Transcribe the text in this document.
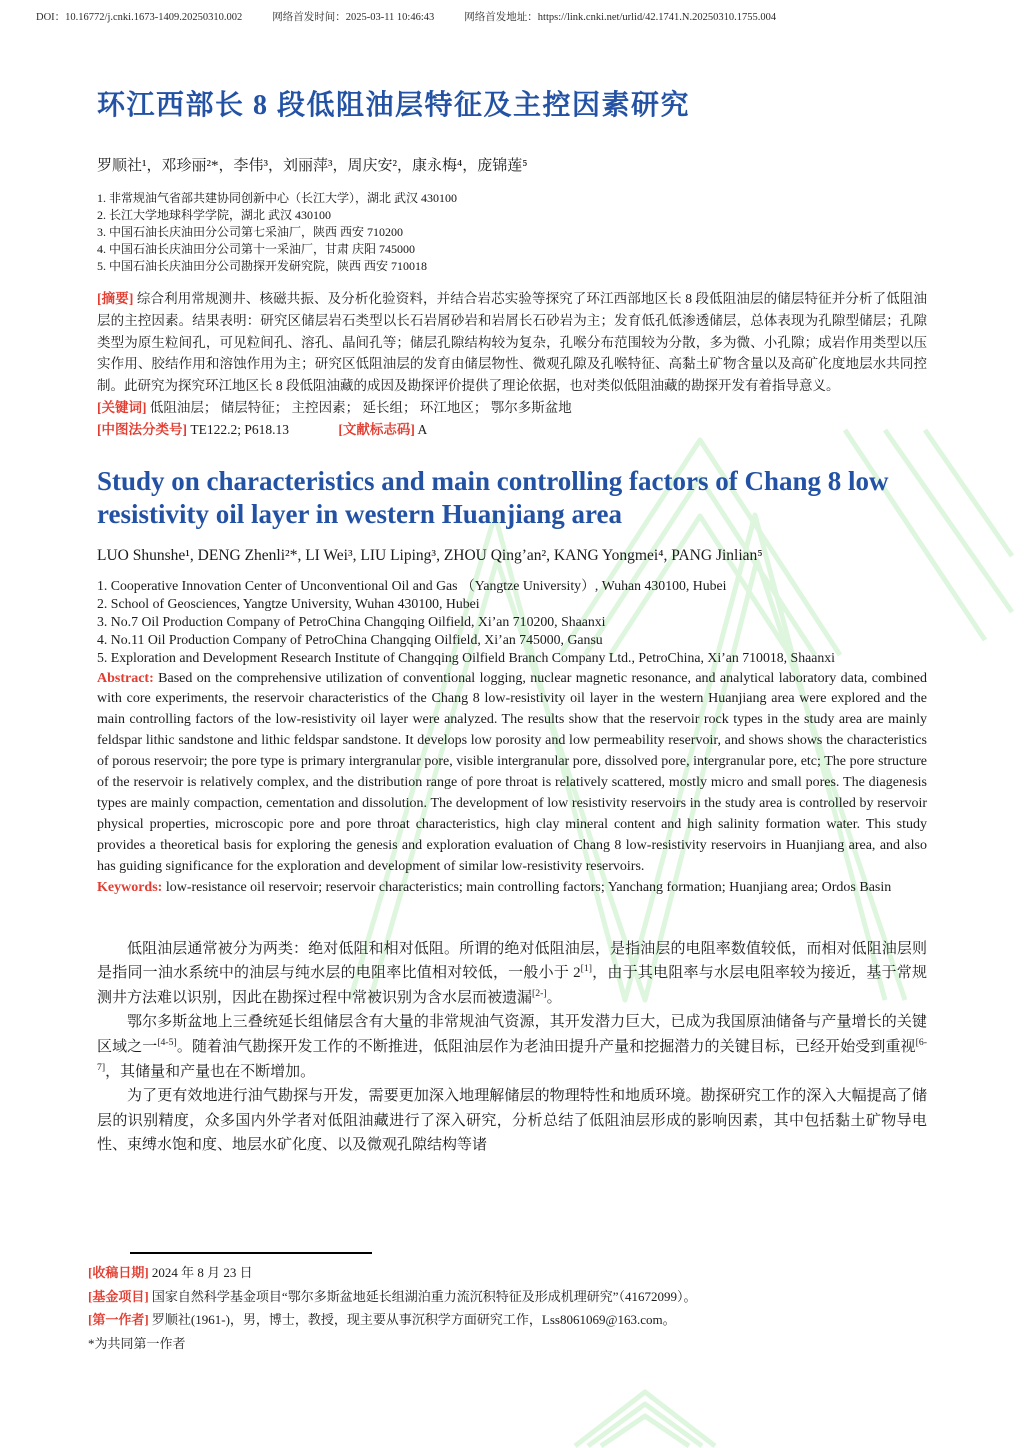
DOI：10.16772/j.cnki.1673-1409.20250310.002	网络首发时间：2025-03-11 10:46:43	网络首发地址：https://link.cnki.net/urlid/42.1741.N.20250310.1755.004
环江西部长 8 段低阻油层特征及主控因素研究
罗顺社¹，邓珍丽²*，李伟³，刘丽萍³，周庆安²，康永梅⁴，庞锦莲⁵
1. 非常规油气省部共建协同创新中心（长江大学），湖北 武汉 430100
2. 长江大学地球科学学院，湖北 武汉 430100
3. 中国石油长庆油田分公司第七采油厂，陕西 西安 710200
4. 中国石油长庆油田分公司第十一采油厂，甘肃 庆阳 745000
5. 中国石油长庆油田分公司勘探开发研究院，陕西 西安 710018
[摘要] 综合利用常规测井、核磁共振、及分析化验资料，并结合岩芯实验等探究了环江西部地区长 8 段低阻油层的储层特征并分析了低阻油层的主控因素。结果表明：研究区储层岩石类型以长石岩屑砂岩和岩屑长石砂岩为主；发育低孔低渗透储层，总体表现为孔隙型储层；孔隙类型为原生粒间孔，可见粒间孔、溶孔、晶间孔等；储层孔隙结构较为复杂，孔喉分布范围较为分散，多为微、小孔隙；成岩作用类型以压实作用、胶结作用和溶蚀作用为主；研究区低阻油层的发育由储层物性、微观孔隙及孔喉特征、高黏土矿物含量以及高矿化度地层水共同控制。此研究为探究环江地区长 8 段低阻油藏的成因及勘探评价提供了理论依据，也对类似低阻油藏的勘探开发有着指导意义。
[关键词] 低阻油层； 储层特征； 主控因素； 延长组； 环江地区； 鄂尔多斯盆地
[中图法分类号] TE122.2; P618.13	[文献标志码] A
Study on characteristics and main controlling factors of Chang 8 low resistivity oil layer in western Huanjiang area
LUO Shunshe¹, DENG Zhenli²*, LI Wei³, LIU Liping³, ZHOU Qing’an², KANG Yongmei⁴, PANG Jinlian⁵
1. Cooperative Innovation Center of Unconventional Oil and Gas （Yangtze University）, Wuhan 430100, Hubei
2. School of Geosciences, Yangtze University, Wuhan 430100, Hubei
3. No.7 Oil Production Company of PetroChina Changqing Oilfield, Xi’an 710200, Shaanxi
4. No.11 Oil Production Company of PetroChina Changqing Oilfield, Xi’an 745000, Gansu
5. Exploration and Development Research Institute of Changqing Oilfield Branch Company Ltd., PetroChina, Xi’an 710018, Shaanxi

Abstract: Based on the comprehensive utilization of conventional logging, nuclear magnetic resonance, and analytical laboratory data, combined with core experiments, the reservoir characteristics of the Chang 8 low-resistivity oil layer in the western Huanjiang area were explored and the main controlling factors of the low-resistivity oil layer were analyzed. The results show that the reservoir rock types in the study area are mainly feldspar lithic sandstone and lithic feldspar sandstone. It develops low porosity and low permeability reservoir, and shows shows the characteristics of porous reservoir; the pore type is primary intergranular pore, visible intergranular pore, dissolved pore, intergranular pore, etc; The pore structure of the reservoir is relatively complex, and the distribution range of pore throat is relatively scattered, mostly micro and small pores. The diagenesis types are mainly compaction, cementation and dissolution. The development of low resistivity reservoirs in the study area is controlled by reservoir physical properties, microscopic pore and pore throat characteristics, high clay mineral content and high salinity formation water. This study provides a theoretical basis for exploring the genesis and exploration evaluation of Chang 8 low-resistivity reservoirs in Huanjiang area, and also has guiding significance for the exploration and development of similar low-resistivity reservoirs.

Keywords: low-resistance oil reservoir; reservoir characteristics; main controlling factors; Yanchang formation; Huanjiang area; Ordos Basin

低阻油层通常被分为两类：绝对低阻和相对低阻。所谓的绝对低阻油层，是指油层的电阻率数值较低，而相对低阻油层则是指同一油水系统中的油层与纯水层的电阻率比值相对较低，一般小于 2[1]，由于其电阻率与水层电阻率较为接近，基于常规测井方法难以识别，因此在勘探过程中常被识别为含水层而被遗漏[2-]。

鄂尔多斯盆地上三叠统延长组储层含有大量的非常规油气资源，其开发潜力巨大，已成为我国原油储备与产量增长的关键区域之一[4-5]。随着油气勘探开发工作的不断推进，低阻油层作为老油田提升产量和挖掘潜力的关键目标，已经开始受到重视[6-7]，其储量和产量也在不断增加。

为了更有效地进行油气勘探与开发，需要更加深入地理解储层的物理特性和地质环境。勘探研究工作的深入大幅提高了储层的识别精度，众多国内外学者对低阻油藏进行了深入研究，分析总结了低阻油层形成的影响因素，其中包括黏土矿物导电性、束缚水饱和度、地层水矿化度、以及微观孔隙结构等诸

[收稿日期] 2024 年 8 月 23 日
[基金项目] 国家自然科学基金项目“鄂尔多斯盆地延长组湖泊重力流沉积特征及形成机理研究”（41672099）。
[第一作者] 罗顺社(1961-)，男，博士，教授，现主要从事沉积学方面研究工作，Lss8061069@163.com。
*为共同第一作者
